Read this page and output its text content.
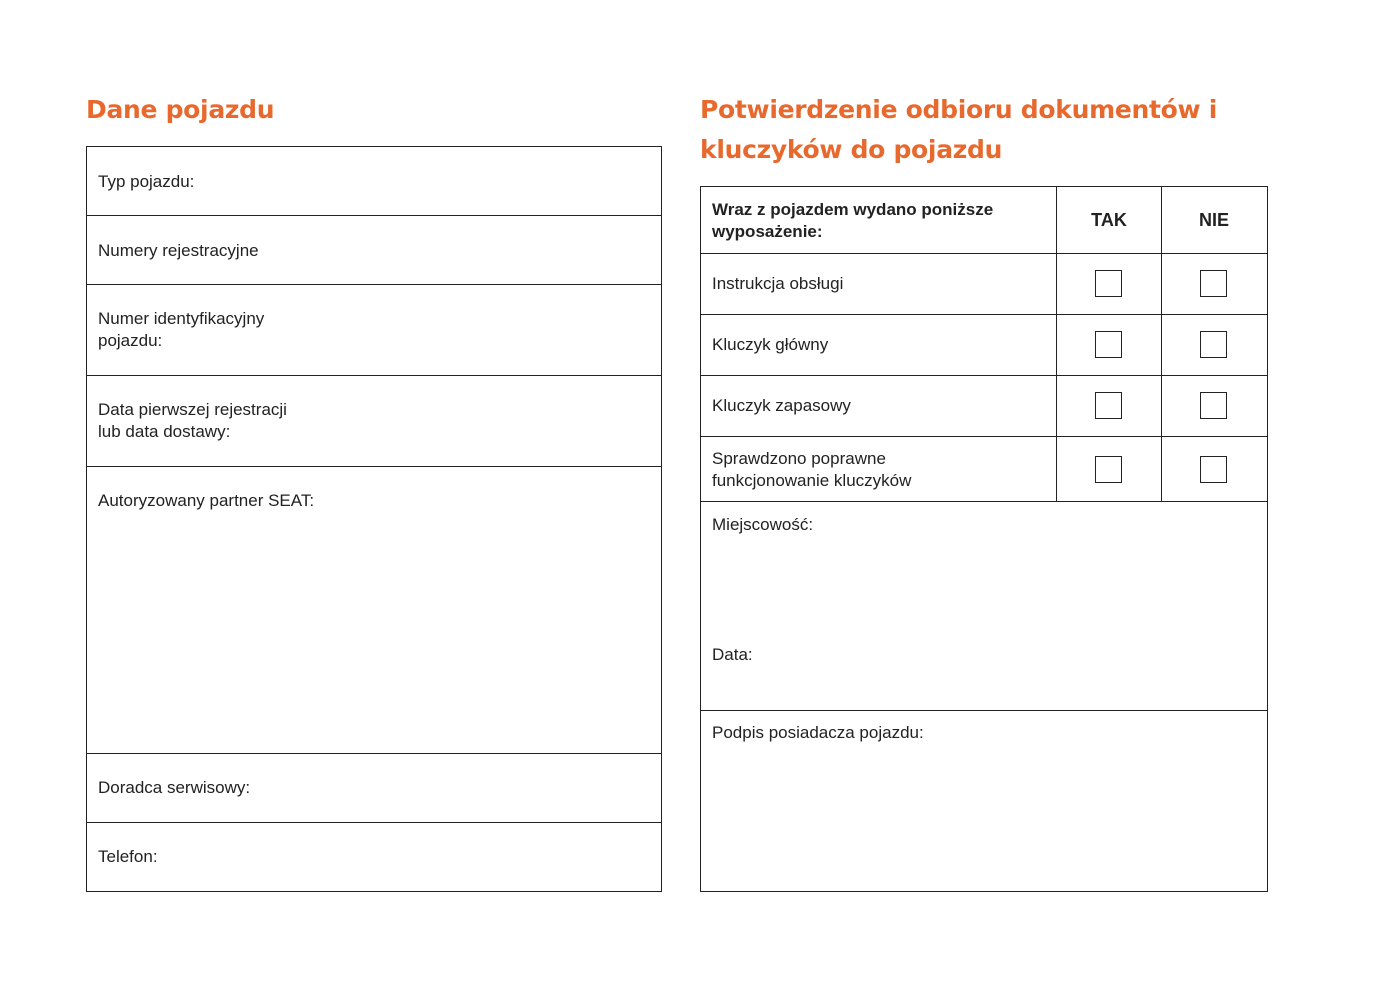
Dane pojazdu	Potwierdzenie odbioru dokumentów i kluczyków do pojazdu
Typ pojazdu:
Numery rejestracyjne
Numer identyfikacyjny
pojazdu:
Data pierwszej rejestracji
lub data dostawy:
Autoryzowany partner SEAT:
Doradca serwisowy:
Telefon:
Wraz z pojazdem wydano poniższe wyposażenie:
TAK	NIE
Instrukcja obsługi
Kluczyk główny
Kluczyk zapasowy
Sprawdzono poprawne
funkcjonowanie kluczyków
Miejscowość:
Data:
Podpis posiadacza pojazdu:
